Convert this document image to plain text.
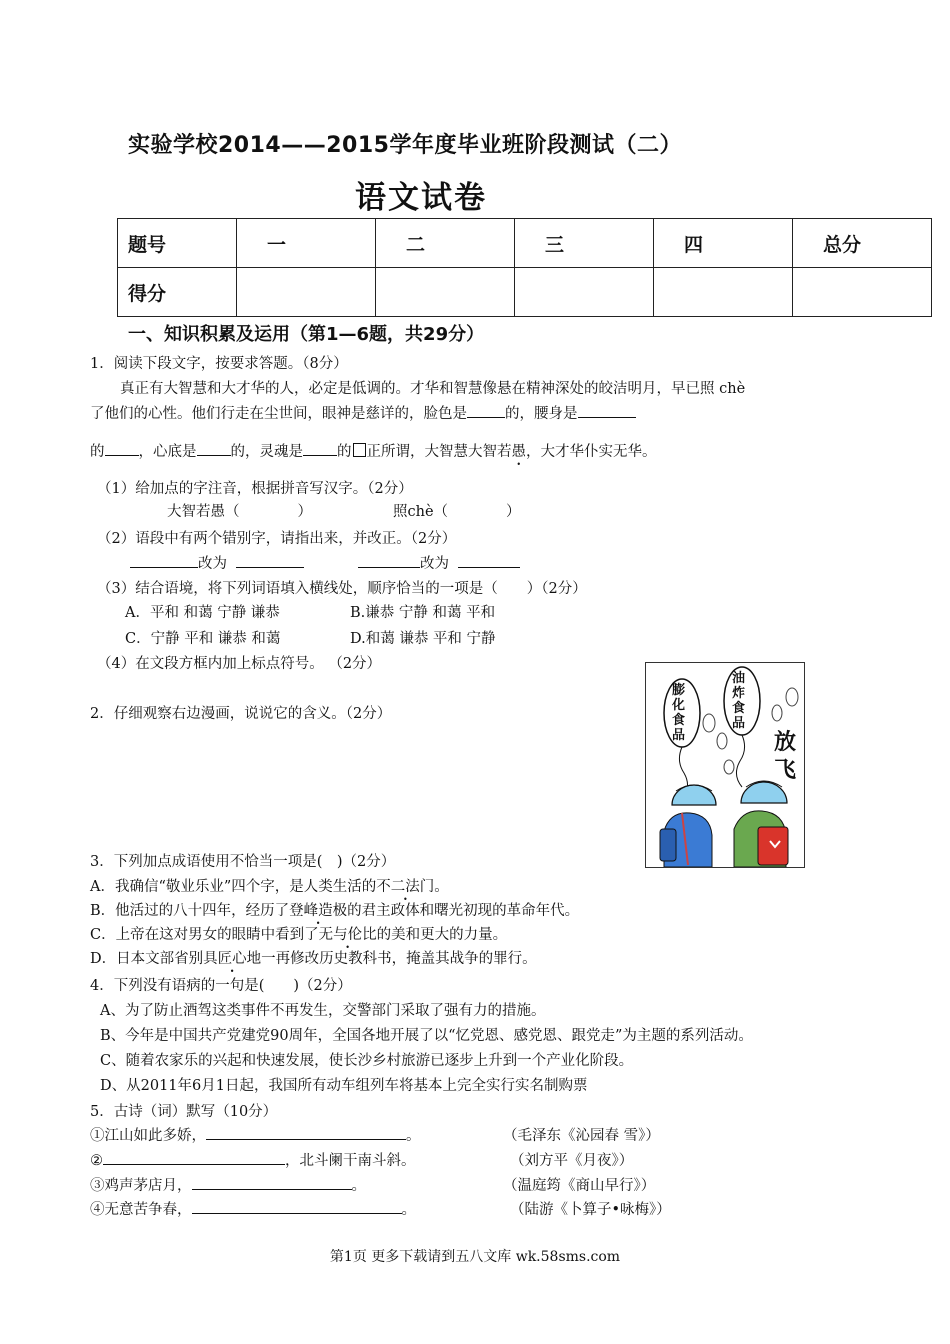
实验学校2014——2015学年度毕业班阶段测试（二）
语文试卷
题号	一	二	三	四	总分
得分					
一、知识积累及运用（第1—6题，共29分）
1．阅读下段文字，按要求答题。（8分）
真正有大智慧和大才华的人，必定是低调的。才华和智慧像悬在精神深处的皎洁明月，早已照 chè
了他们的心性。他们行走在尘世间，眼神是慈详的，脸色是	的，腰身是
的 ，心底是 的，灵魂是 的 正所谓，大智慧大智若愚，大才华仆实无华。
（1）给加点的字注音，根据拼音写汉字。（2分）
大智若愚（　　　　）	照chè（　　　　）
（2）语段中有两个错别字，请指出来，并改正。（2分）
改为	改为
（3）结合语境，将下列词语填入横线处，顺序恰当的一项是（　　）（2分）
A．平和 和蔼 宁静 谦恭	B.谦恭 宁静 和蔼 平和
C．宁静 平和 谦恭 和蔼	D.和蔼 谦恭 平和 宁静
（4）在文段方框内加上标点符号。 （2分）
2．仔细观察右边漫画，说说它的含义。（2分）
膨化食品
油炸食品
放飞
3．下列加点成语使用不恰当一项是(　)（2分）
A．我确信“敬业乐业”四个字，是人类生活的不二法门。
B．他活过的八十四年，经历了登峰造极的君主政体和曙光初现的革命年代。
C．上帝在这对男女的眼睛中看到了无与伦比的美和更大的力量。
D．日本文部省别具匠心地一再修改历史教科书，掩盖其战争的罪行。
4．下列没有语病的一句是(　　)（2分）
A、为了防止酒驾这类事件不再发生，交警部门采取了强有力的措施。
B、今年是中国共产党建党90周年，全国各地开展了以“忆党恩、感党恩、跟党走”为主题的系列活动。
C、随着农家乐的兴起和快速发展，使长沙乡村旅游已逐步上升到一个产业化阶段。
D、从2011年6月1日起，我国所有动车组列车将基本上完全实行实名制购票
5．古诗（词）默写（10分）
①江山如此多娇，	。	（毛泽东《沁园春 雪》）
②	，北斗阑干南斗斜。	（刘方平《月夜》）
③鸡声茅店月，	。	（温庭筠《商山早行》）
④无意苦争春，	。	（陆游《卜算子•咏梅》）
第1页 更多下载请到五八文库 wk.58sms.com
